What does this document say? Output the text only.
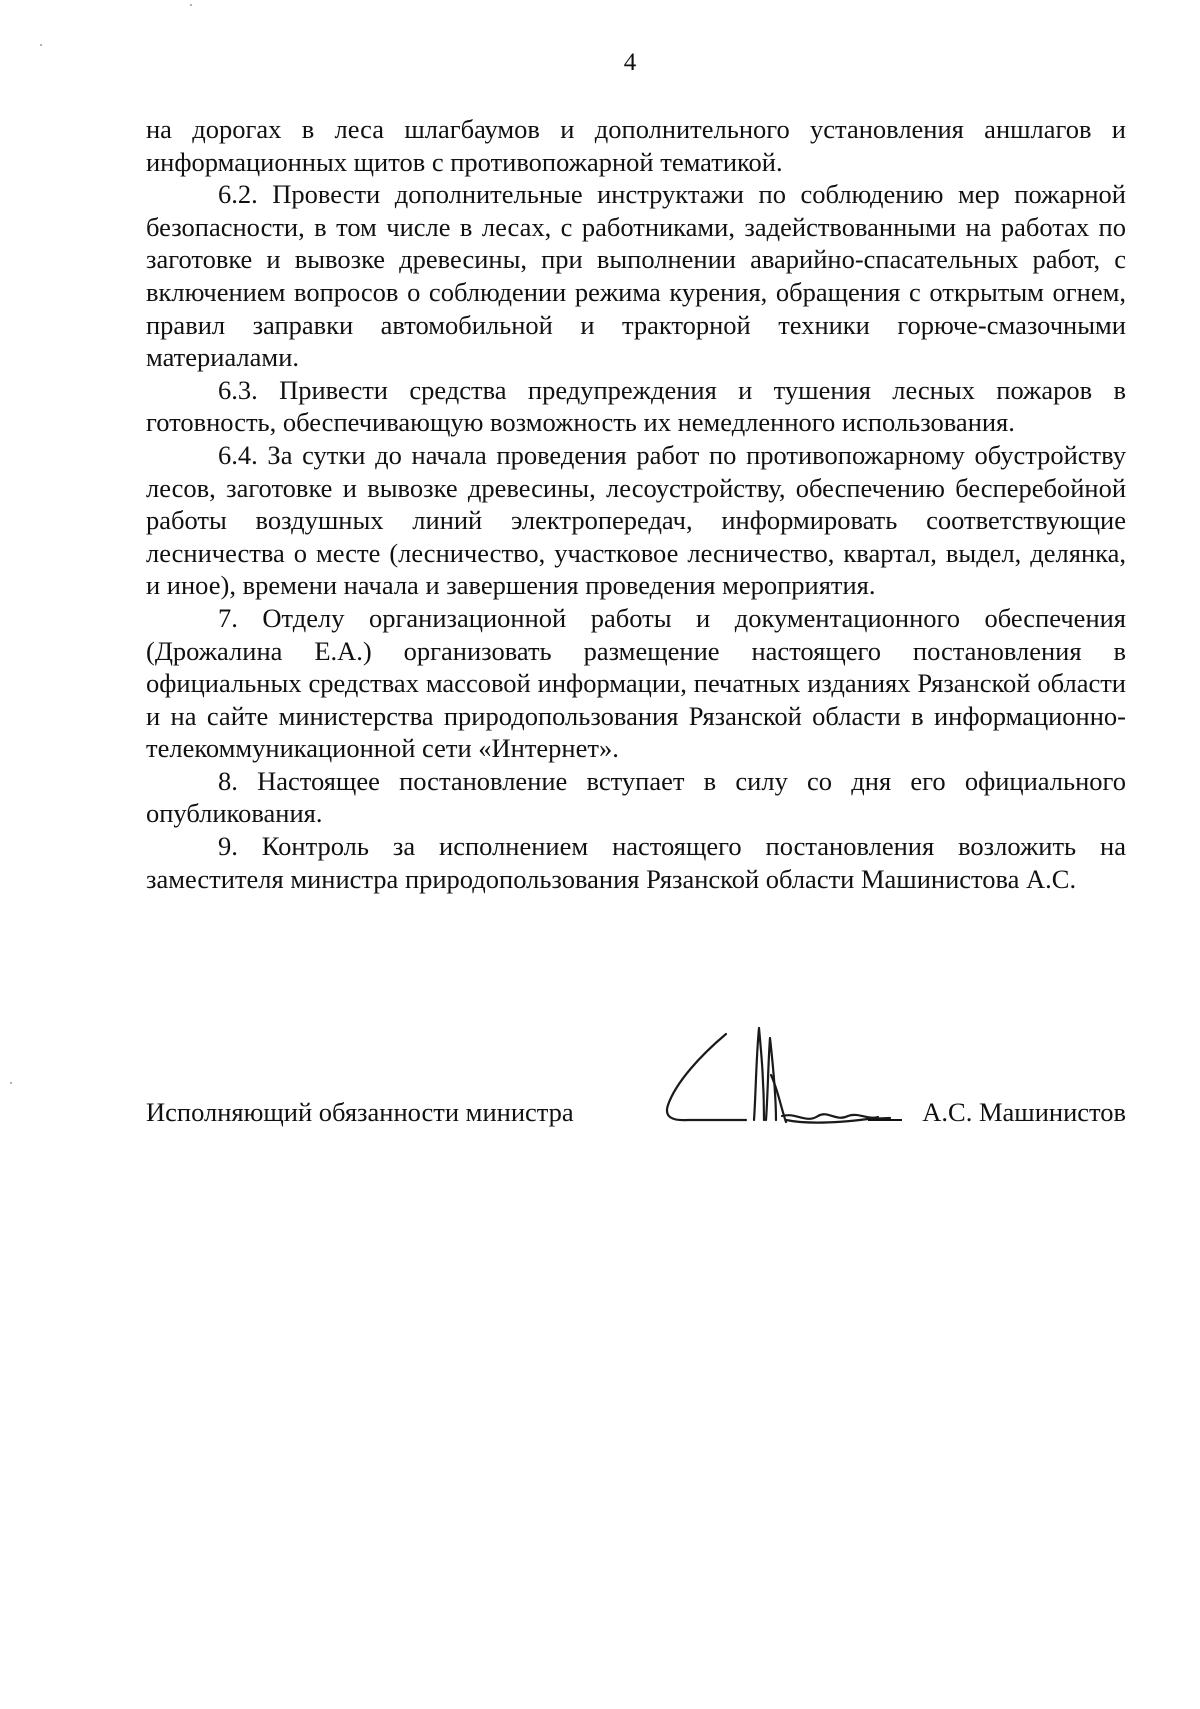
4

на дорогах в леса шлагбаумов и дополнительного установления аншлагов и информационных щитов с противопожарной тематикой.

6.2. Провести дополнительные инструктажи по соблюдению мер пожарной безопасности, в том числе в лесах, с работниками, задействованными на работах по заготовке и вывозке древесины, при выполнении аварийно-спасательных работ, с включением вопросов о соблюдении режима курения, обращения с открытым огнем, правил заправки автомобильной и тракторной техники горюче-смазочными материалами.

6.3. Привести средства предупреждения и тушения лесных пожаров в готовность, обеспечивающую возможность их немедленного использования.

6.4. За сутки до начала проведения работ по противопожарному обустройству лесов, заготовке и вывозке древесины, лесоустройству, обеспечению бесперебойной работы воздушных линий электропередач, информировать соответствующие лесничества о месте (лесничество, участковое лесничество, квартал, выдел, делянка, и иное), времени начала и завершения проведения мероприятия.

7. Отделу организационной работы и документационного обеспечения (Дрожалина Е.А.) организовать размещение настоящего постановления в официальных средствах массовой информации, печатных изданиях Рязанской области и на сайте министерства природопользования Рязанской области в информационно-телекоммуникационной сети «Интернет».

8. Настоящее постановление вступает в силу со дня его официального опубликования.

9. Контроль за исполнением настоящего постановления возложить на заместителя министра природопользования Рязанской области Машинистова А.С.

Исполняющий обязанности министра	А.С. Машинистов
